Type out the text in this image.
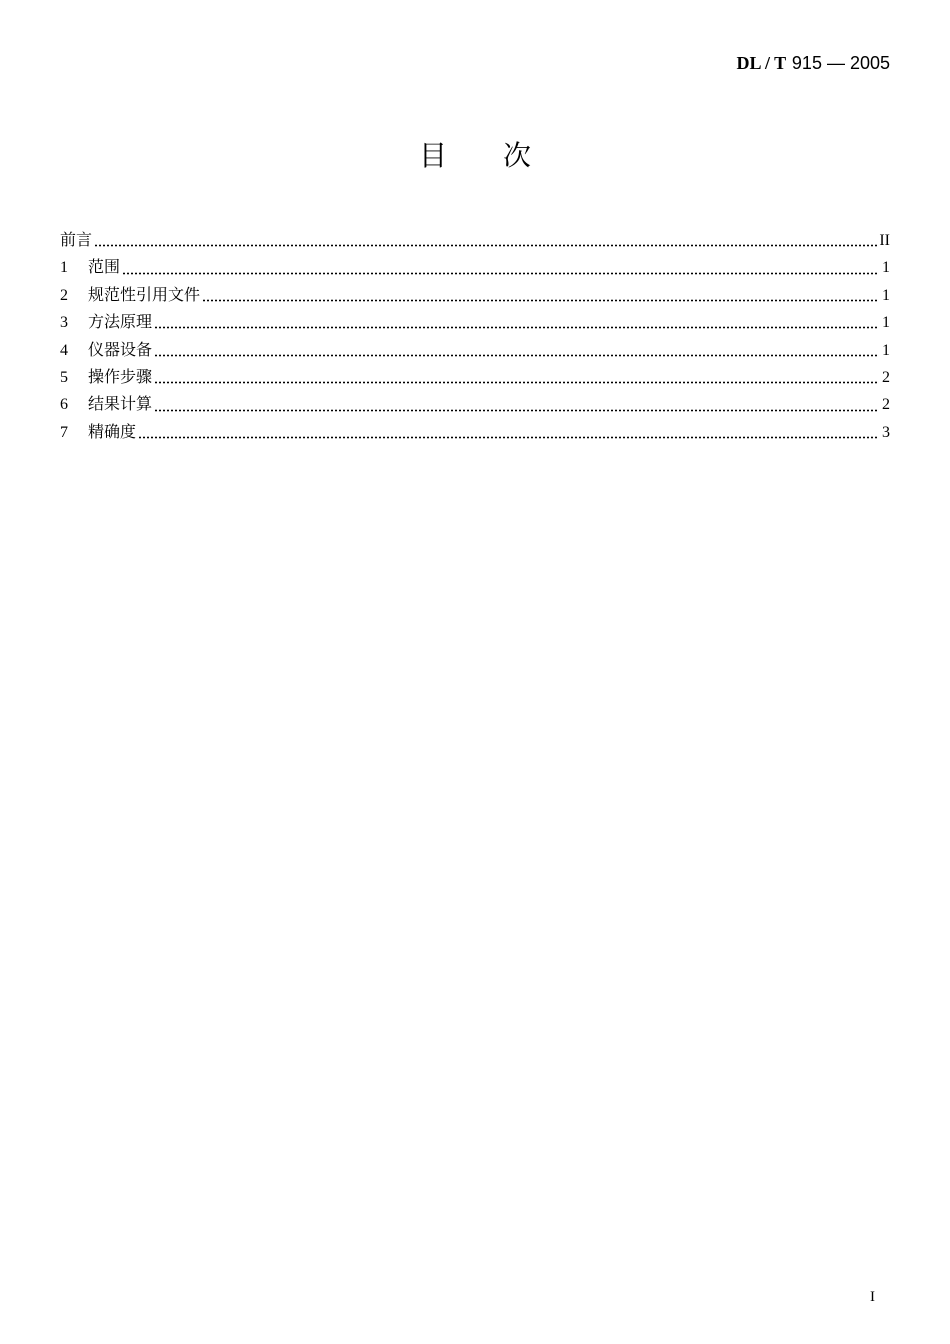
DL / T 915 — 2005
目 次
前言	II
1	范围	1
2	规范性引用文件	1
3	方法原理	1
4	仪器设备	1
5	操作步骤	2
6	结果计算	2
7	精确度	3
I
